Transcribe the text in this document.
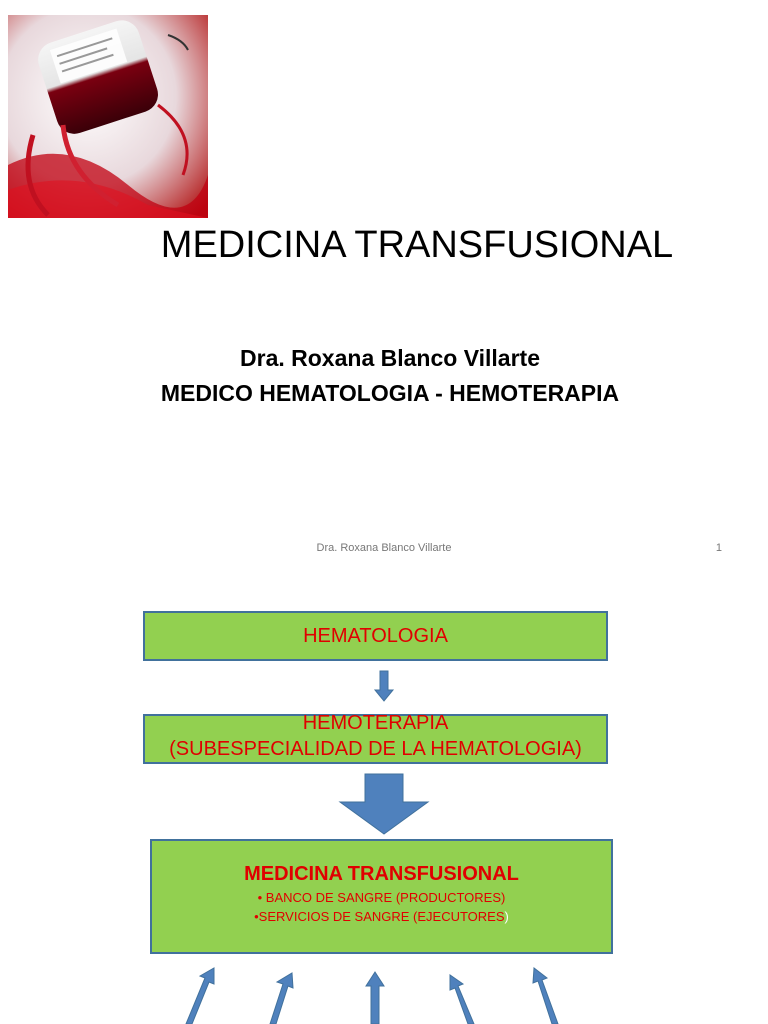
MEDICINA TRANSFUSIONAL
Dra. Roxana Blanco Villarte
MEDICO HEMATOLOGIA - HEMOTERAPIA
Dra. Roxana Blanco Villarte	1
HEMATOLOGIA
HEMOTERAPIA
(SUBESPECIALIDAD DE LA HEMATOLOGIA)
MEDICINA TRANSFUSIONAL
• BANCO DE SANGRE (PRODUCTORES)
•SERVICIOS DE SANGRE (EJECUTORES)
